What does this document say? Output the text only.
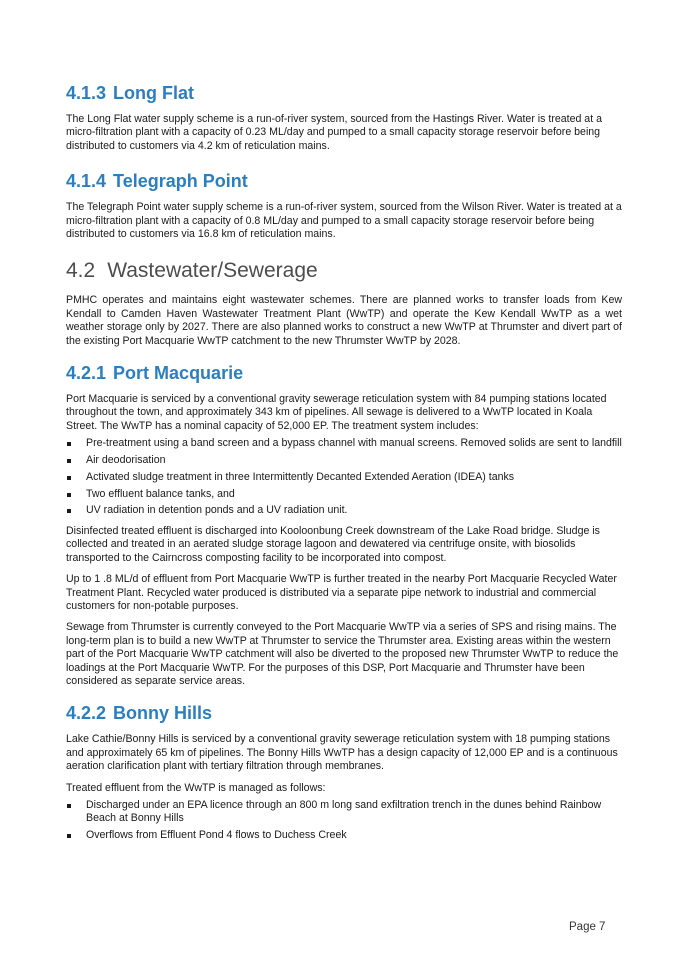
4.1.3 Long Flat

The Long Flat water supply scheme is a run-of-river system, sourced from the Hastings River. Water is treated at a micro-filtration plant with a capacity of 0.23 ML/day and pumped to a small capacity storage reservoir before being distributed to customers via 4.2 km of reticulation mains.

4.1.4 Telegraph Point

The Telegraph Point water supply scheme is a run-of-river system, sourced from the Wilson River. Water is treated at a micro-filtration plant with a capacity of 0.8 ML/day and pumped to a small capacity storage reservoir before being distributed to customers via 16.8 km of reticulation mains.

4.2 Wastewater/Sewerage

PMHC operates and maintains eight wastewater schemes. There are planned works to transfer loads from Kew Kendall to Camden Haven Wastewater Treatment Plant (WwTP) and operate the Kew Kendall WwTP as a wet weather storage only by 2027. There are also planned works to construct a new WwTP at Thrumster and divert part of the existing Port Macquarie WwTP catchment to the new Thrumster WwTP by 2028.

4.2.1 Port Macquarie

Port Macquarie is serviced by a conventional gravity sewerage reticulation system with 84 pumping stations located throughout the town, and approximately 343 km of pipelines. All sewage is delivered to a WwTP located in Koala Street. The WwTP has a nominal capacity of 52,000 EP. The treatment system includes:

Pre-treatment using a band screen and a bypass channel with manual screens. Removed solids are sent to landfill
Air deodorisation
Activated sludge treatment in three Intermittently Decanted Extended Aeration (IDEA) tanks
Two effluent balance tanks, and
UV radiation in detention ponds and a UV radiation unit.

Disinfected treated effluent is discharged into Kooloonbung Creek downstream of the Lake Road bridge. Sludge is collected and treated in an aerated sludge storage lagoon and dewatered via centrifuge onsite, with biosolids transported to the Cairncross composting facility to be incorporated into compost.

Up to 1 .8 ML/d of effluent from Port Macquarie WwTP is further treated in the nearby Port Macquarie Recycled Water Treatment Plant. Recycled water produced is distributed via a separate pipe network to industrial and commercial customers for non-potable purposes.

Sewage from Thrumster is currently conveyed to the Port Macquarie WwTP via a series of SPS and rising mains. The long-term plan is to build a new WwTP at Thrumster to service the Thrumster area. Existing areas within the western part of the Port Macquarie WwTP catchment will also be diverted to the proposed new Thrumster WwTP to reduce the loadings at the Port Macquarie WwTP. For the purposes of this DSP, Port Macquarie and Thrumster have been considered as separate service areas.

4.2.2 Bonny Hills

Lake Cathie/Bonny Hills is serviced by a conventional gravity sewerage reticulation system with 18 pumping stations and approximately 65 km of pipelines. The Bonny Hills WwTP has a design capacity of 12,000 EP and is a continuous aeration clarification plant with tertiary filtration through membranes.

Treated effluent from the WwTP is managed as follows:

Discharged under an EPA licence through an 800 m long sand exfiltration trench in the dunes behind Rainbow Beach at Bonny Hills
Overflows from Effluent Pond 4 flows to Duchess Creek
Page 7
